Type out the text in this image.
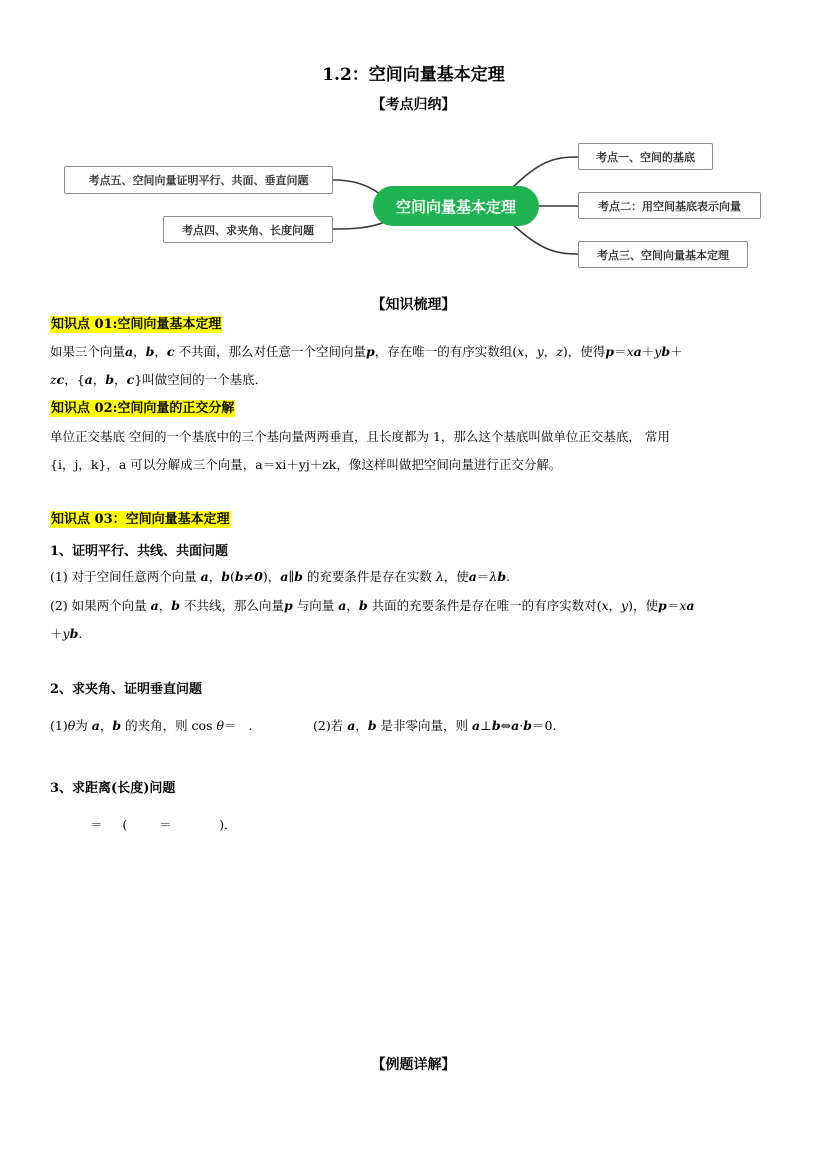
1.2：空间向量基本定理
【考点归纳】
空间向量基本定理
考点一、空间的基底
考点二：用空间基底表示向量
考点三、空间向量基本定理
考点四、求夹角、长度问题
考点五、空间向量证明平行、共面、垂直问题
【知识梳理】
知识点 01:空间向量基本定理
如果三个向量a，b，c 不共面，那么对任意一个空间向量p，存在唯一的有序实数组(x，y，z)，使得p＝xa＋yb＋
zc，{a，b，c}叫做空间的一个基底．
知识点 02:空间向量的正交分解
单位正交基底 空间的一个基底中的三个基向量两两垂直，且长度都为 1，那么这个基底叫做单位正交基底， 常用
{i，j，k}，a 可以分解成三个向量，a＝xi＋yj＋zk，像这样叫做把空间向量进行正交分解。
知识点 03：空间向量基本定理
1、证明平行、共线、共面问题
(1) 对于空间任意两个向量 a，b(b≠0)，a∥b 的充要条件是存在实数 λ，使a＝λb.
(2) 如果两个向量 a，b 不共线，那么向量p 与向量 a，b 共面的充要条件是存在唯一的有序实数对(x，y)，使p＝xa
＋yb.
2、求夹角、证明垂直问题
(1)θ为 a，b 的夹角，则 cos θ＝   .	(2)若 a，b 是非零向量，则 a⊥b⇔a·b＝0.
3、求距离(长度)问题
＝     (        ＝            )．
【例题详解】
